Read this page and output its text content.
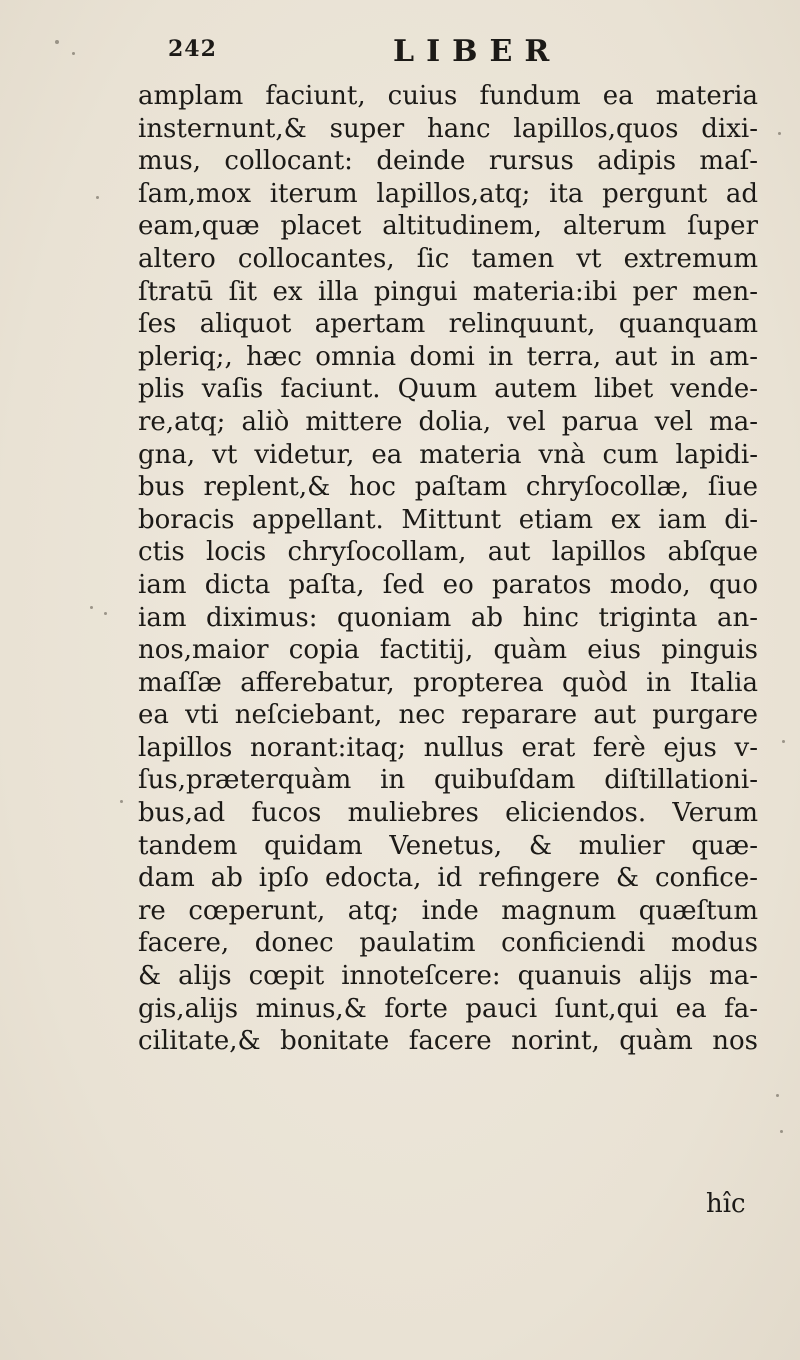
242	LIBER
amplam faciunt, cuius fundum ea materia
insternunt,& super hanc lapillos,quos dixi-
mus, collocant: deinde rursus adipis maſ-
ſam,mox iterum lapillos,atq; ita pergunt ad
eam,quæ placet altitudinem, alterum ſuper
altero collocantes, ſic tamen vt extremum
ſtratū ſit ex illa pingui materia:ibi per men-
ſes aliquot apertam relinquunt, quanquam
pleriq;, hæc omnia domi in terra, aut in am-
plis vaſis faciunt. Quum autem libet vende-
re,atq; aliò mittere dolia, vel parua vel ma-
gna, vt videtur, ea materia vnà cum lapidi-
bus replent,& hoc paſtam chryſocollæ, ſiue
boracis appellant. Mittunt etiam ex iam di-
ctis locis chryſocollam, aut lapillos abſque
iam dicta paſta, ſed eo paratos modo, quo
iam diximus: quoniam ab hinc triginta an-
nos,maior copia factitij, quàm eius pinguis
maſſæ afferebatur, propterea quòd in Italia
ea vti neſciebant, nec reparare aut purgare
lapillos norant:itaq; nullus erat ferè ejus v-
ſus,præterquàm in quibuſdam diſtillationi-
bus,ad fucos muliebres eliciendos. Verum
tandem quidam Venetus, & mulier quæ-
dam ab ipſo edocta, id refingere & confice-
re cœperunt, atq; inde magnum quæſtum
facere, donec paulatim conficiendi modus
& alijs cœpit innoteſcere: quanuis alijs ma-
gis,alijs minus,& forte pauci ſunt,qui ea fa-
cilitate,& bonitate facere norint, quàm nos
hîc
